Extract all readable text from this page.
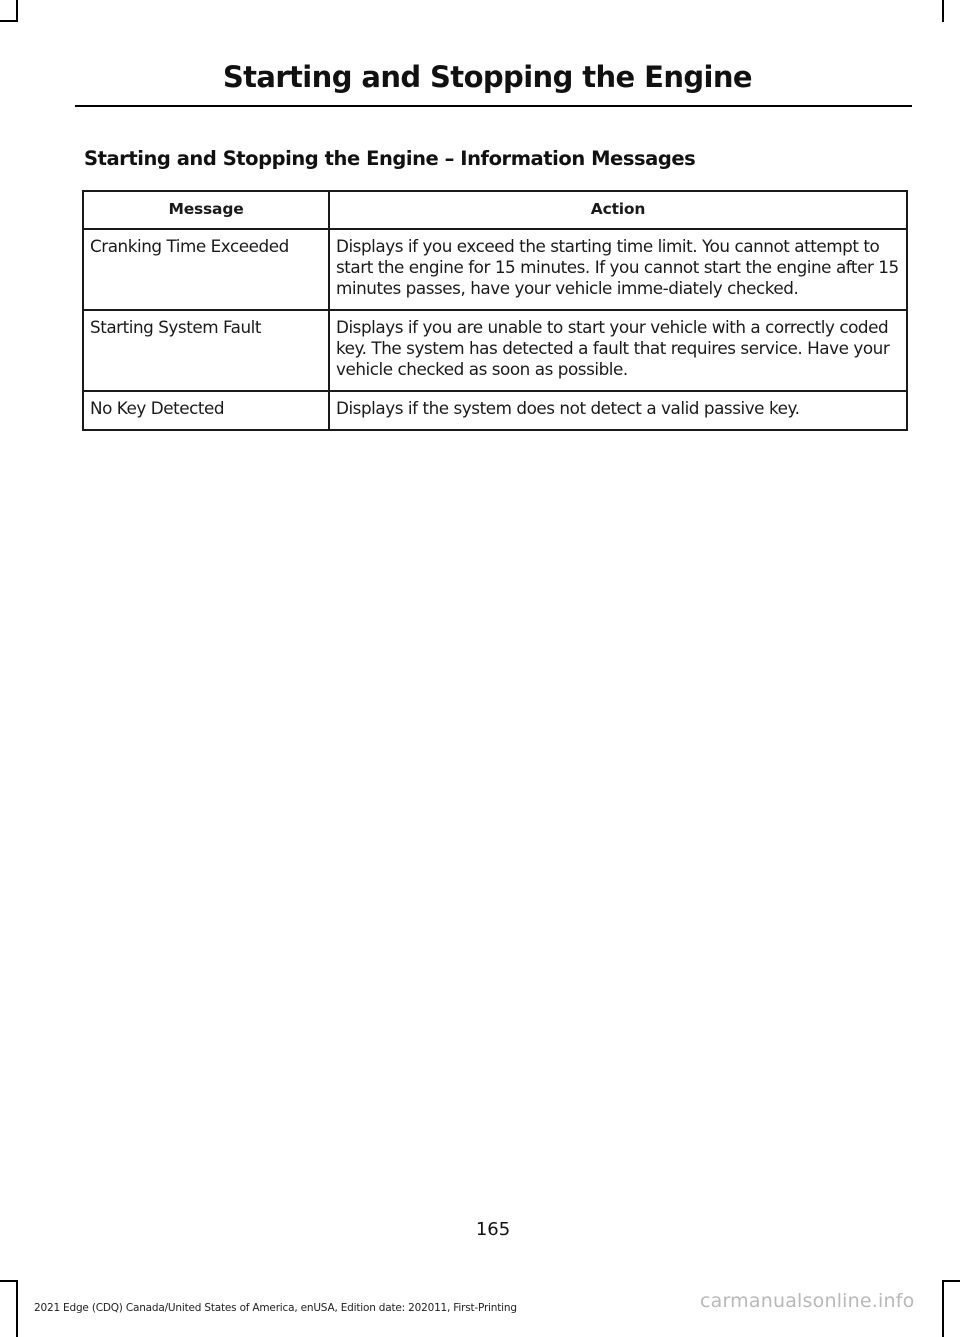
Starting and Stopping the Engine
Starting and Stopping the Engine – Information Messages
Message	Action
Cranking Time Exceeded	Displays if you exceed the starting time limit. You cannot attempt to start the engine for 15 minutes. If you cannot start the engine after 15 minutes passes, have your vehicle imme-diately checked.
Starting System Fault	Displays if you are unable to start your vehicle with a correctly coded key. The system has detected a fault that requires service. Have your vehicle checked as soon as possible.
No Key Detected	Displays if the system does not detect a valid passive key.
165
2021 Edge (CDQ) Canada/United States of America, enUSA, Edition date: 202011, First-Printing	carmanualsonline.info
